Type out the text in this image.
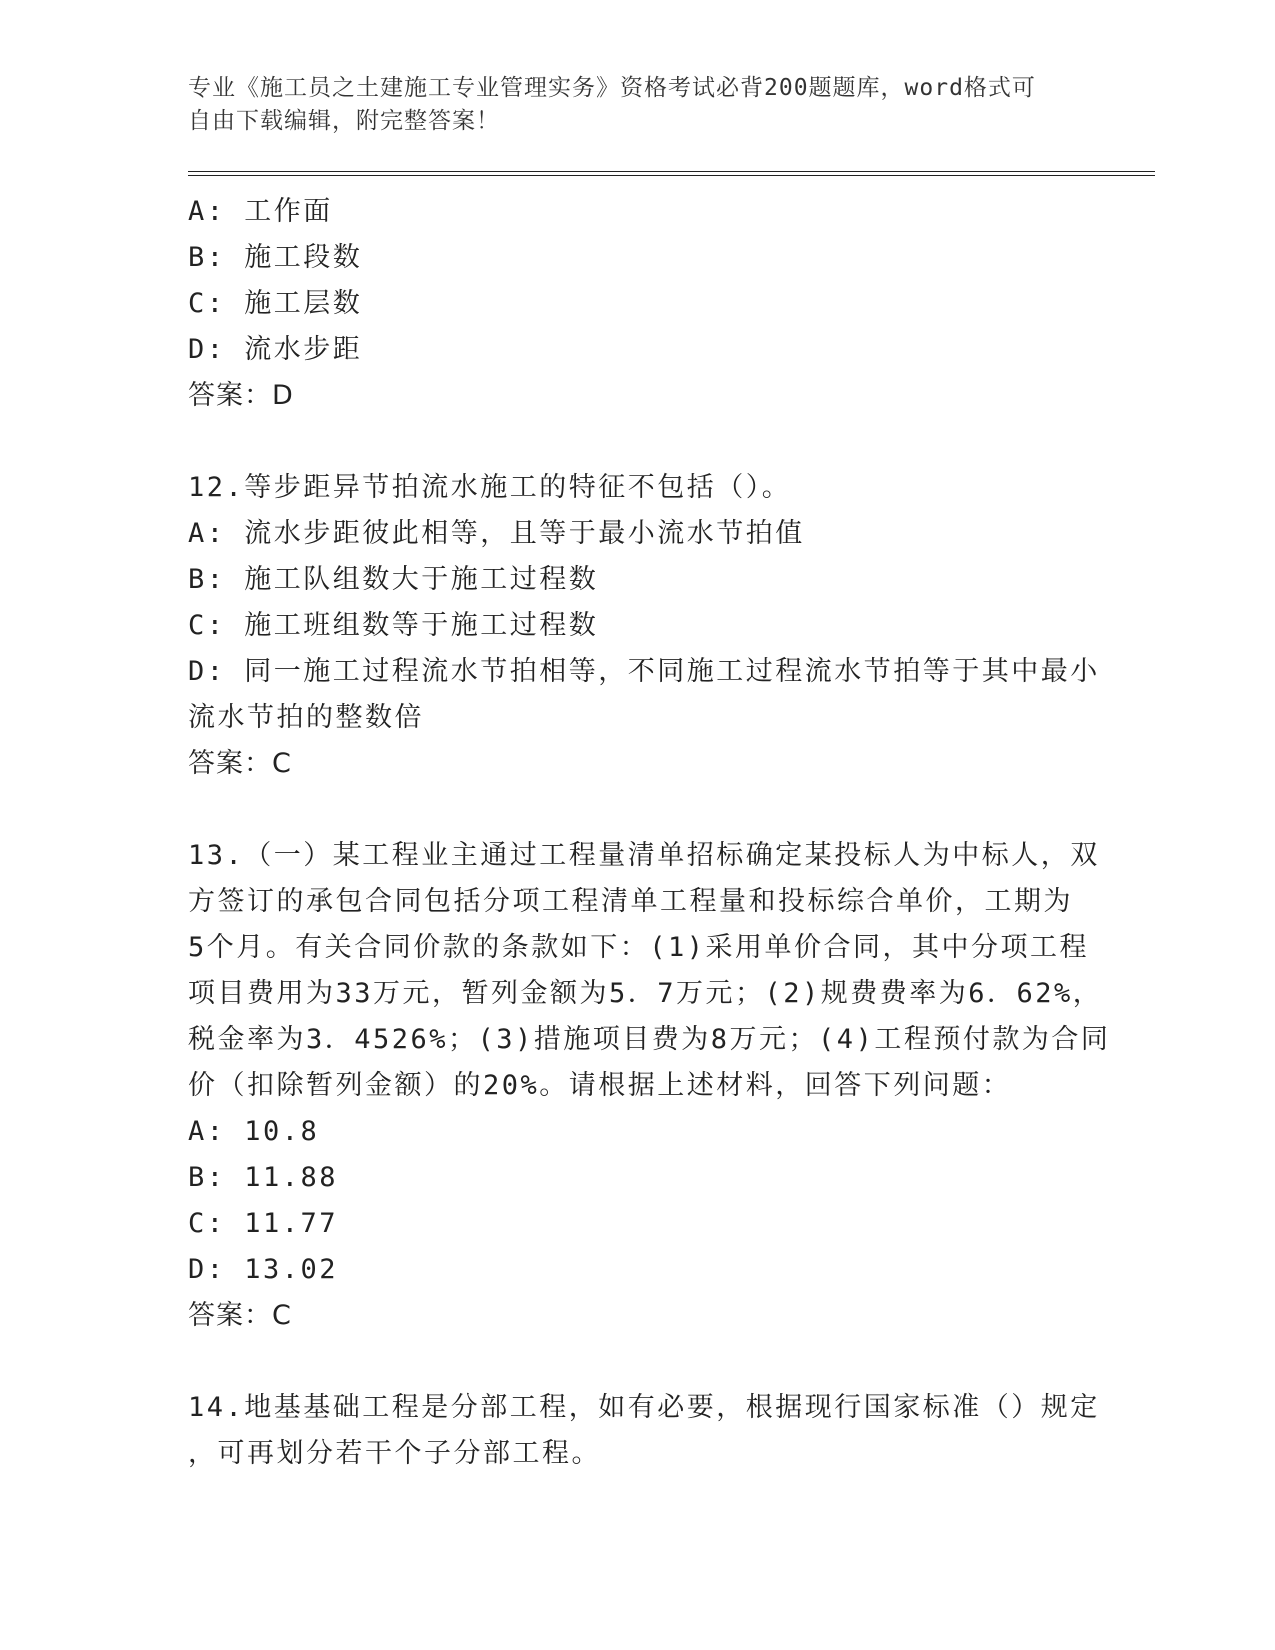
专业《施工员之土建施工专业管理实务》资格考试必背200题题库，word格式可
自由下载编辑，附完整答案！
A: 工作面
B: 施工段数
C: 施工层数
D: 流水步距
答案：D
12.等步距异节拍流水施工的特征不包括（）。
A: 流水步距彼此相等，且等于最小流水节拍值
B: 施工队组数大于施工过程数
C: 施工班组数等于施工过程数
D: 同一施工过程流水节拍相等，不同施工过程流水节拍等于其中最小
流水节拍的整数倍
答案：C
13.（一）某工程业主通过工程量清单招标确定某投标人为中标人，双
方签订的承包合同包括分项工程清单工程量和投标综合单价，工期为
5个月。有关合同价款的条款如下：(1)采用单价合同，其中分项工程
项目费用为33万元，暂列金额为5．7万元；(2)规费费率为6．62%，
税金率为3．4526%；(3)措施项目费为8万元；(4)工程预付款为合同
价（扣除暂列金额）的20%。请根据上述材料，回答下列问题：
A: 10.8
B: 11.88
C: 11.77
D: 13.02
答案：C
14.地基基础工程是分部工程，如有必要，根据现行国家标准（）规定
，可再划分若干个子分部工程。
